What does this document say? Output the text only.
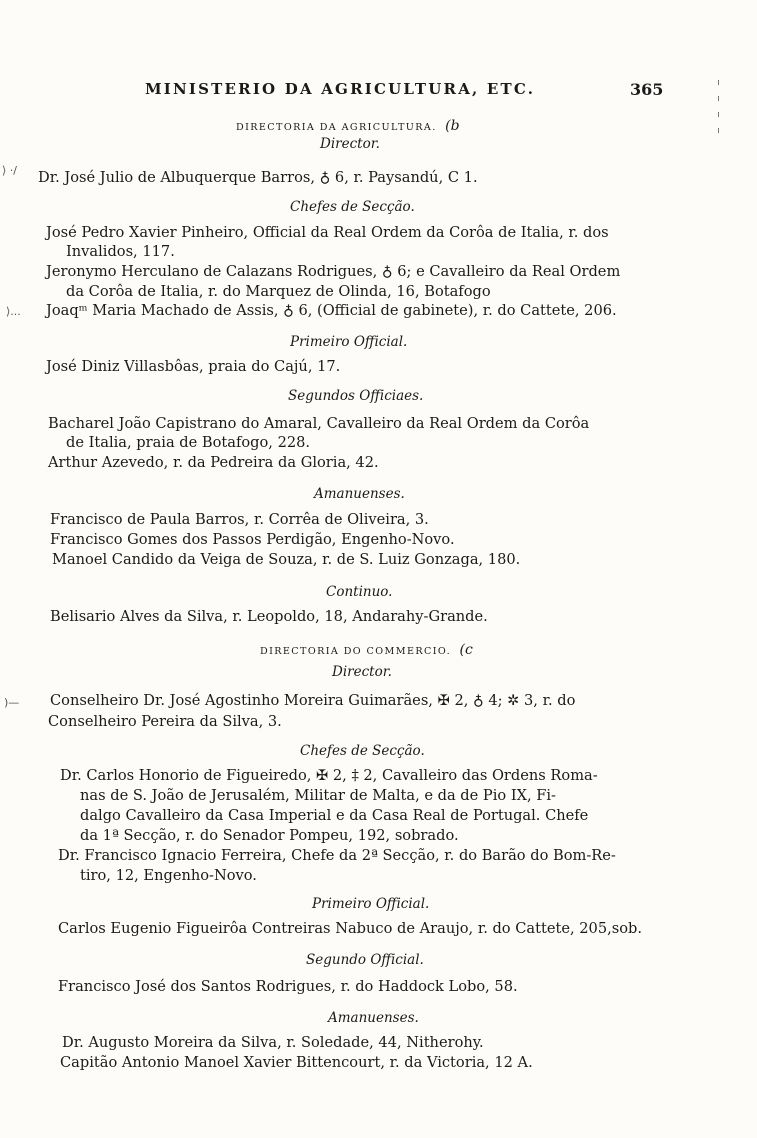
MINISTERIO DA AGRICULTURA, ETC.	365
DIRECTORIA DA AGRICULTURA. (b
Director.
⟩ ·/ Dr. José Julio de Albuquerque Barros, ♁ 6, r. Paysandú, C 1.
Chefes de Secção.
José Pedro Xavier Pinheiro, Official da Real Ordem da Corôa de Italia, r. dos
Invalidos, 117.
Jeronymo Herculano de Calazans Rodrigues, ♁ 6; e Cavalleiro da Real Ordem
da Corôa de Italia, r. do Marquez de Olinda, 16, Botafogo
⟩... Joaqᵐ Maria Machado de Assis, ♁ 6, (Official de gabinete), r. do Cattete, 206.
Primeiro Official.
José Diniz Villasbôas, praia do Cajú, 17.
Segundos Officiaes.
Bacharel João Capistrano do Amaral, Cavalleiro da Real Ordem da Corôa
de Italia, praia de Botafogo, 228.
Arthur Azevedo, r. da Pedreira da Gloria, 42.
Amanuenses.
Francisco de Paula Barros, r. Corrêa de Oliveira, 3.
Francisco Gomes dos Passos Perdigão, Engenho-Novo.
Manoel Candido da Veiga de Souza, r. de S. Luiz Gonzaga, 180.
Continuo.
Belisario Alves da Silva, r. Leopoldo, 18, Andarahy-Grande.
DIRECTORIA DO COMMERCIO. (c
Director.
)— Conselheiro Dr. José Agostinho Moreira Guimarães, ✠ 2, ♁ 4; ✲ 3, r. do
Conselheiro Pereira da Silva, 3.
Chefes de Secção.
Dr. Carlos Honorio de Figueiredo, ✠ 2, ‡ 2, Cavalleiro das Ordens Roma-
nas de S. João de Jerusalém, Militar de Malta, e da de Pio IX, Fi-
dalgo Cavalleiro da Casa Imperial e da Casa Real de Portugal. Chefe
da 1ª Secção, r. do Senador Pompeu, 192, sobrado.
Dr. Francisco Ignacio Ferreira, Chefe da 2ª Secção, r. do Barão do Bom-Re-
tiro, 12, Engenho-Novo.
Primeiro Official.
Carlos Eugenio Figueirôa Contreiras Nabuco de Araujo, r. do Cattete, 205,sob.
Segundo Official.
Francisco José dos Santos Rodrigues, r. do Haddock Lobo, 58.
Amanuenses.
Dr. Augusto Moreira da Silva, r. Soledade, 44, Nitherohy.
Capitão Antonio Manoel Xavier Bittencourt, r. da Victoria, 12 A.
